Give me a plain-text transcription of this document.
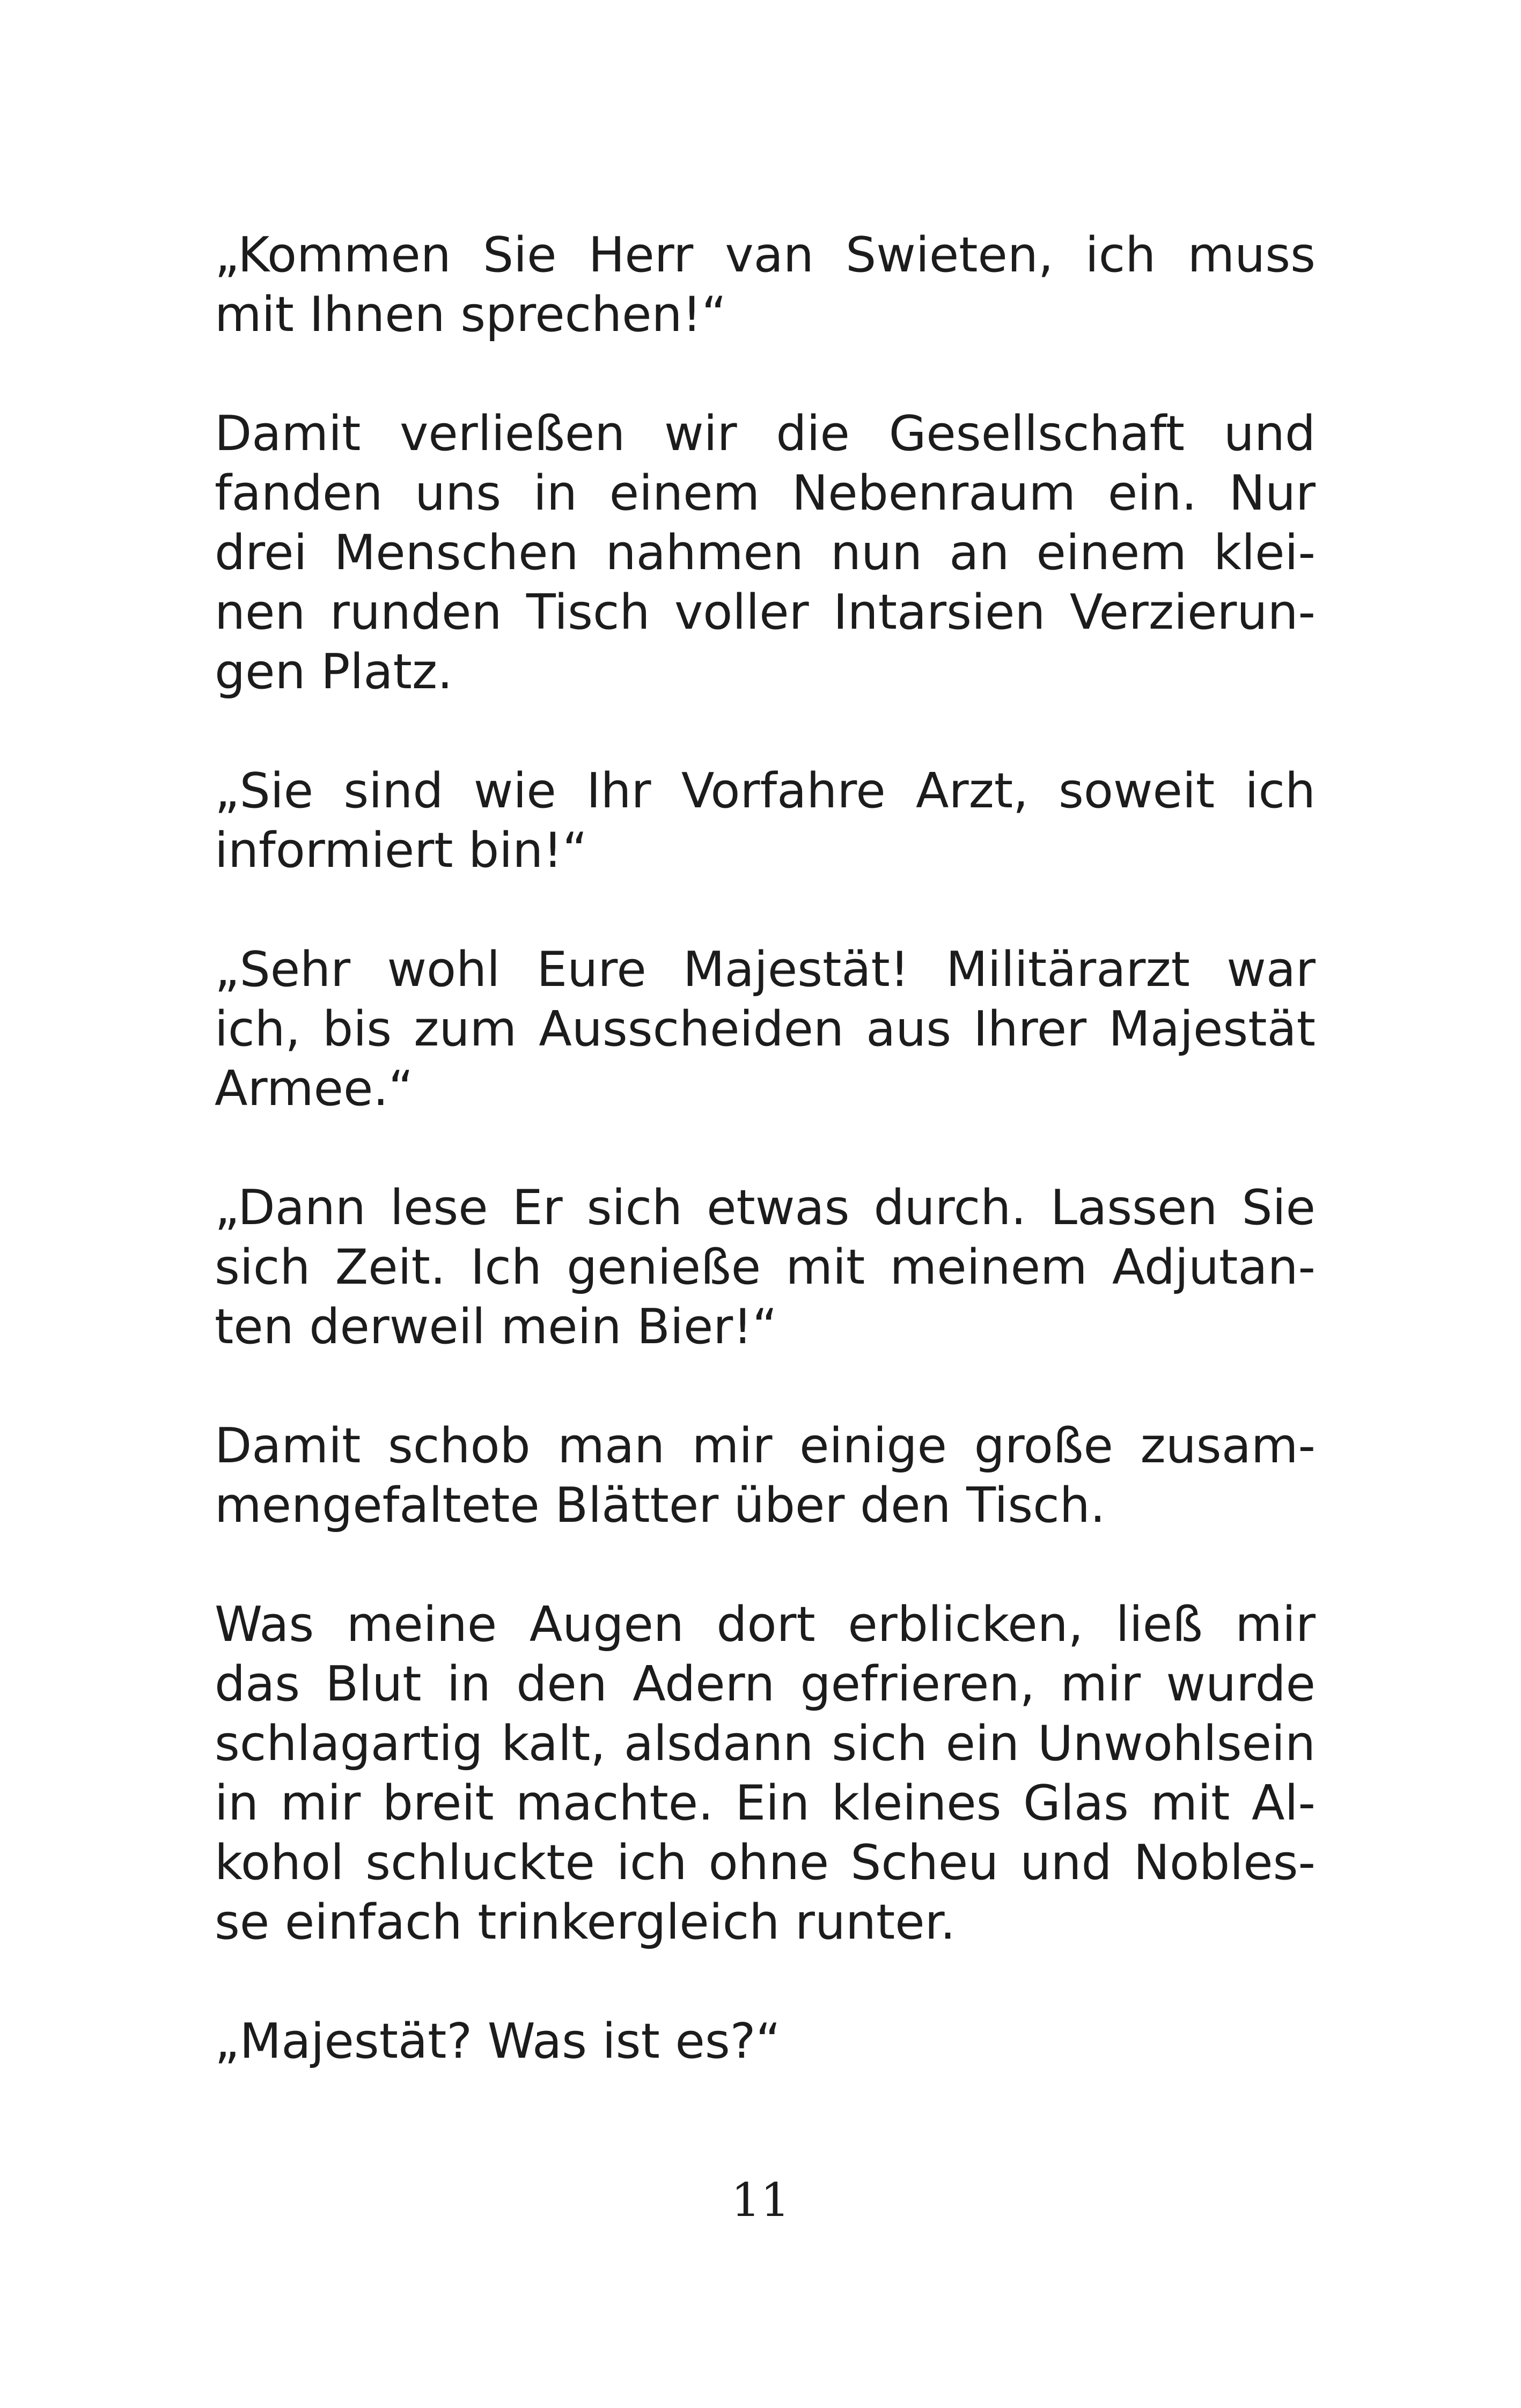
„Kommen Sie Herr van Swieten, ich muss
mit Ihnen sprechen!“

Damit verließen wir die Gesellschaft und
fanden uns in einem Nebenraum ein. Nur
drei Menschen nahmen nun an einem klei-
nen runden Tisch voller Intarsien Verzierun-
gen Platz.

„Sie sind wie Ihr Vorfahre Arzt, soweit ich
informiert bin!“

„Sehr wohl Eure Majestät! Militärarzt war
ich, bis zum Ausscheiden aus Ihrer Majestät
Armee.“

„Dann lese Er sich etwas durch. Lassen Sie
sich Zeit. Ich genieße mit meinem Adjutan-
ten derweil mein Bier!“

Damit schob man mir einige große zusam-
mengefaltete Blätter über den Tisch.

Was meine Augen dort erblicken, ließ mir
das Blut in den Adern gefrieren, mir wurde
schlagartig kalt, alsdann sich ein Unwohlsein
in mir breit machte. Ein kleines Glas mit Al-
kohol schluckte ich ohne Scheu und Nobles-
se einfach trinkergleich runter.

„Majestät? Was ist es?“

11
